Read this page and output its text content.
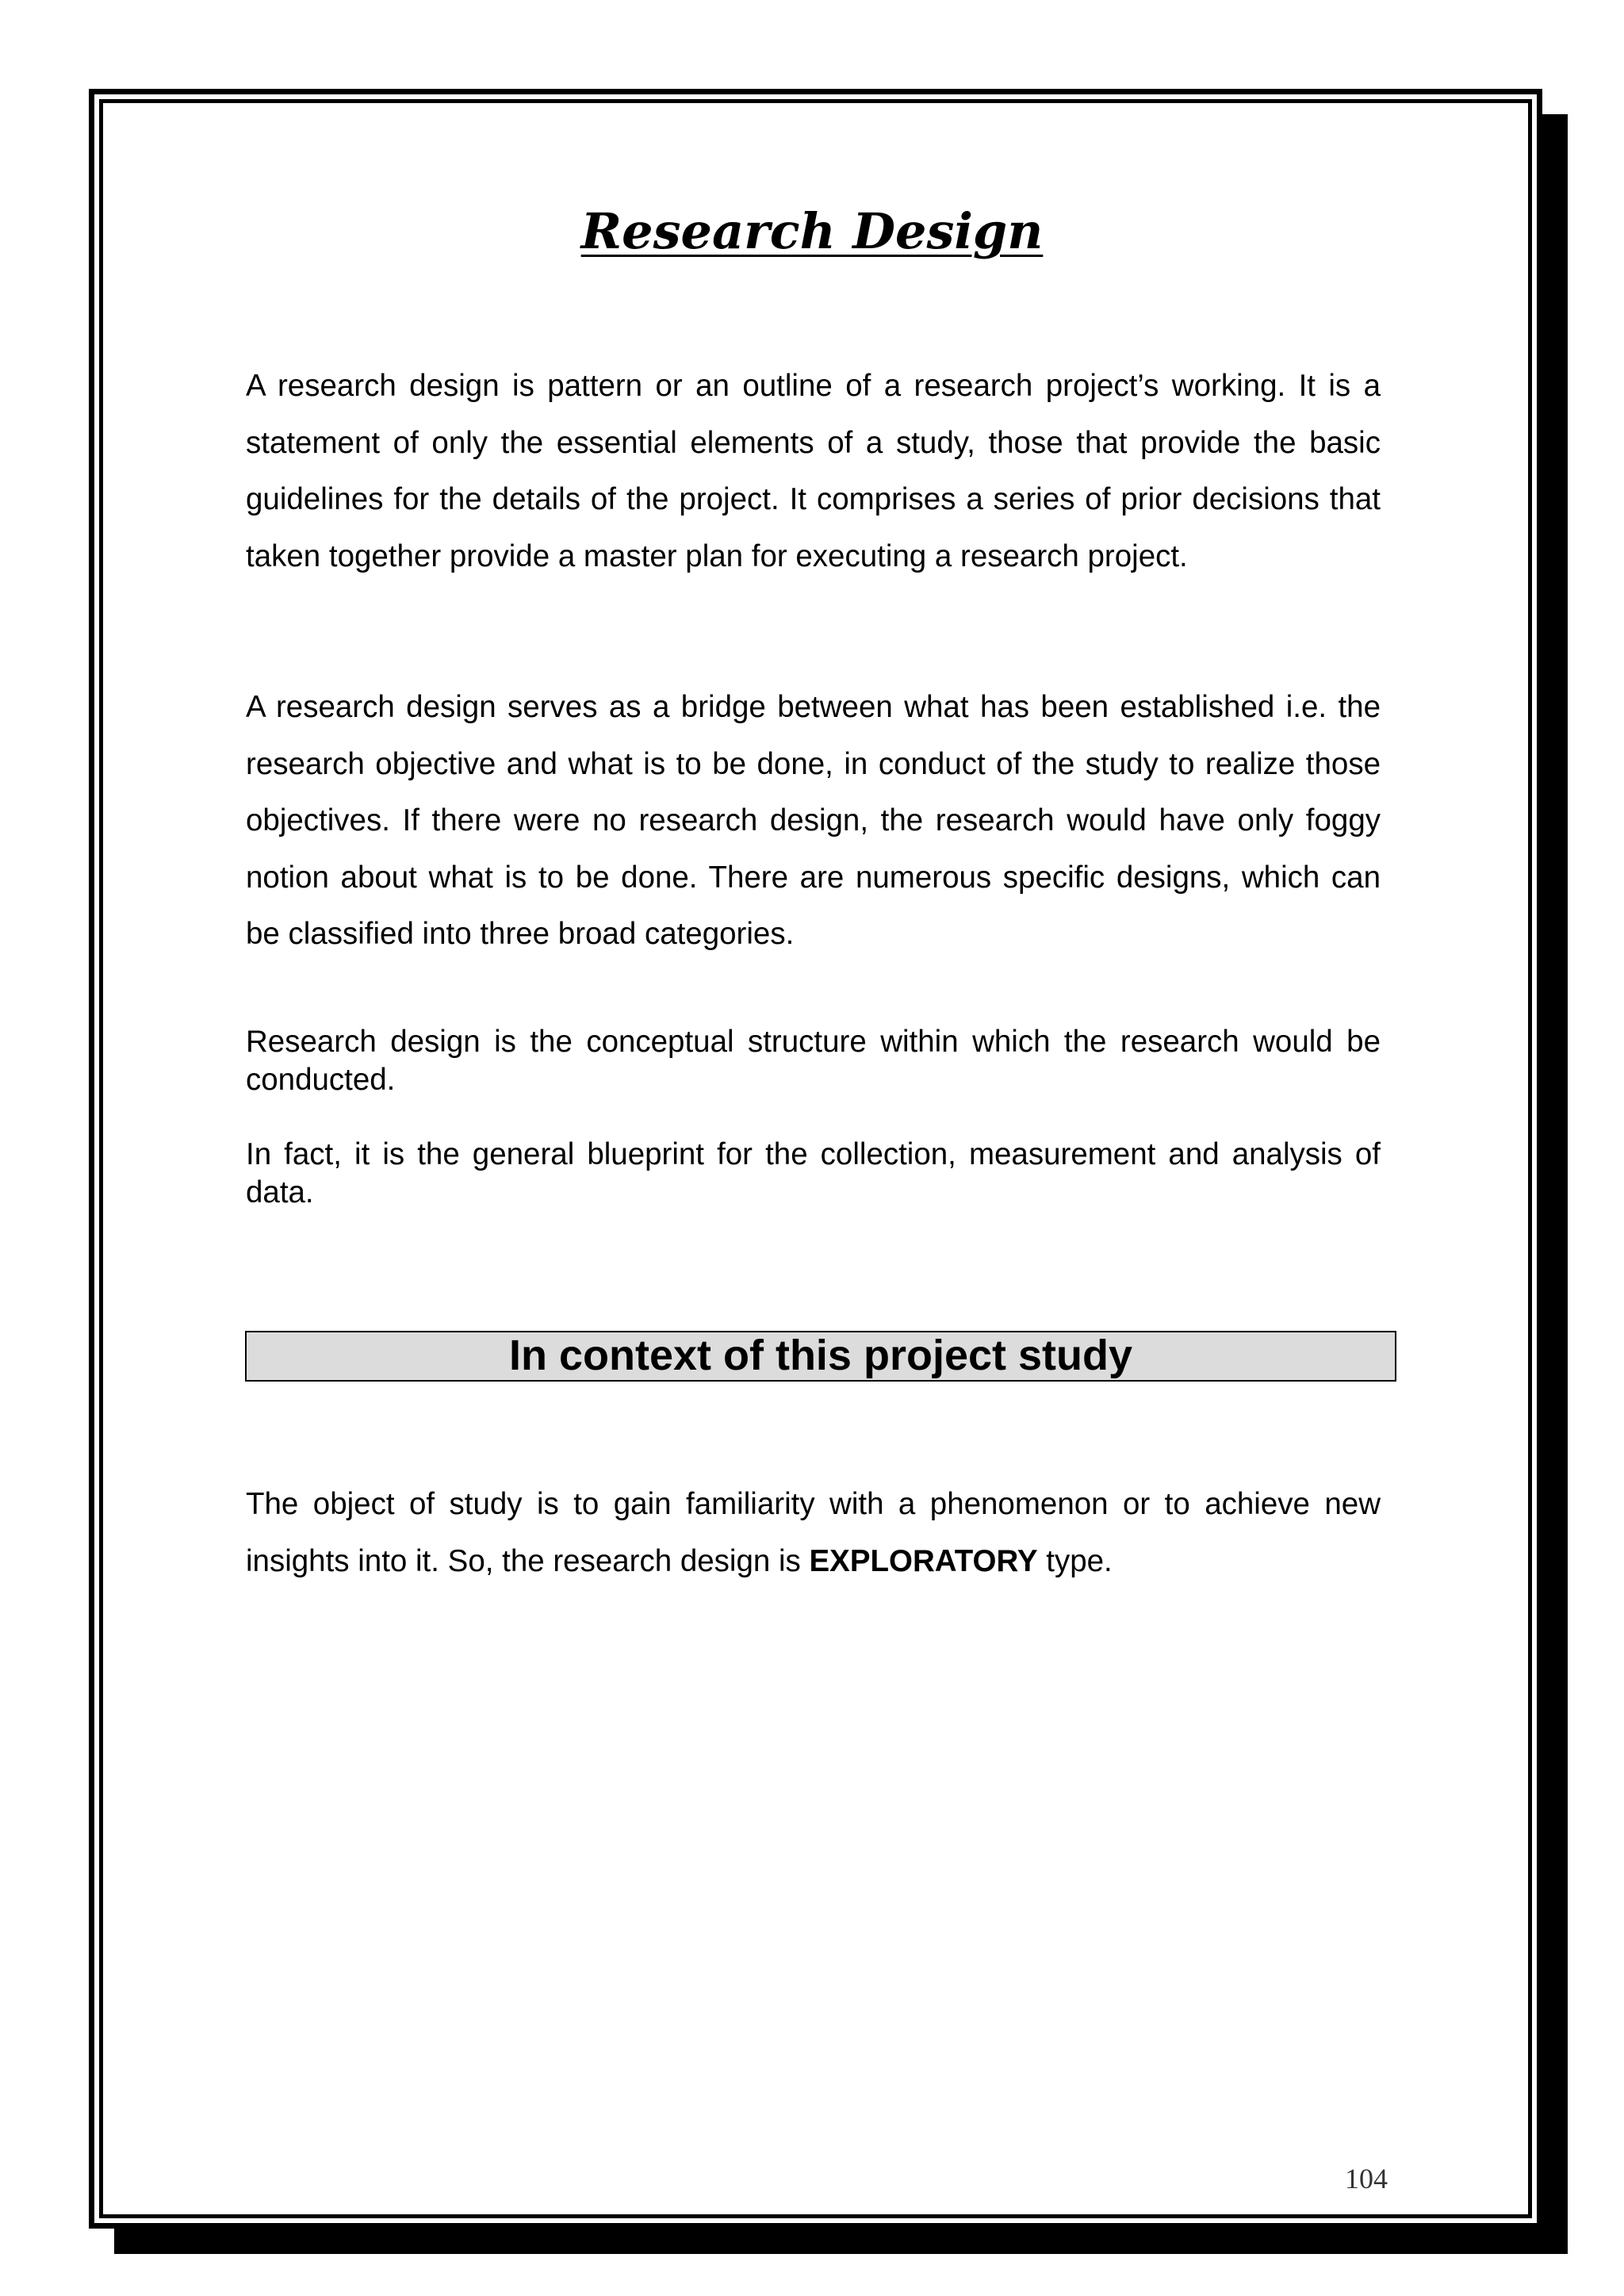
Research Design

A research design is pattern or an outline of a research project’s working. It is a statement of only the essential elements of a study, those that provide the basic guidelines for the details of the project. It comprises a series of prior decisions that taken together provide a master plan for executing a research project.

A research design serves as a bridge between what has been established i.e. the research objective and what is to be done, in conduct of the study to realize those objectives. If there were no research design, the research would have only foggy notion about what is to be done. There are numerous specific designs, which can be classified into three broad categories.

Research design is the conceptual structure within which the research would be conducted.

In fact, it is the general blueprint for the collection, measurement and analysis of data.

In context of this project study

The object of study is to gain familiarity with a phenomenon or to achieve new insights into it. So, the research design is EXPLORATORY type.

104
